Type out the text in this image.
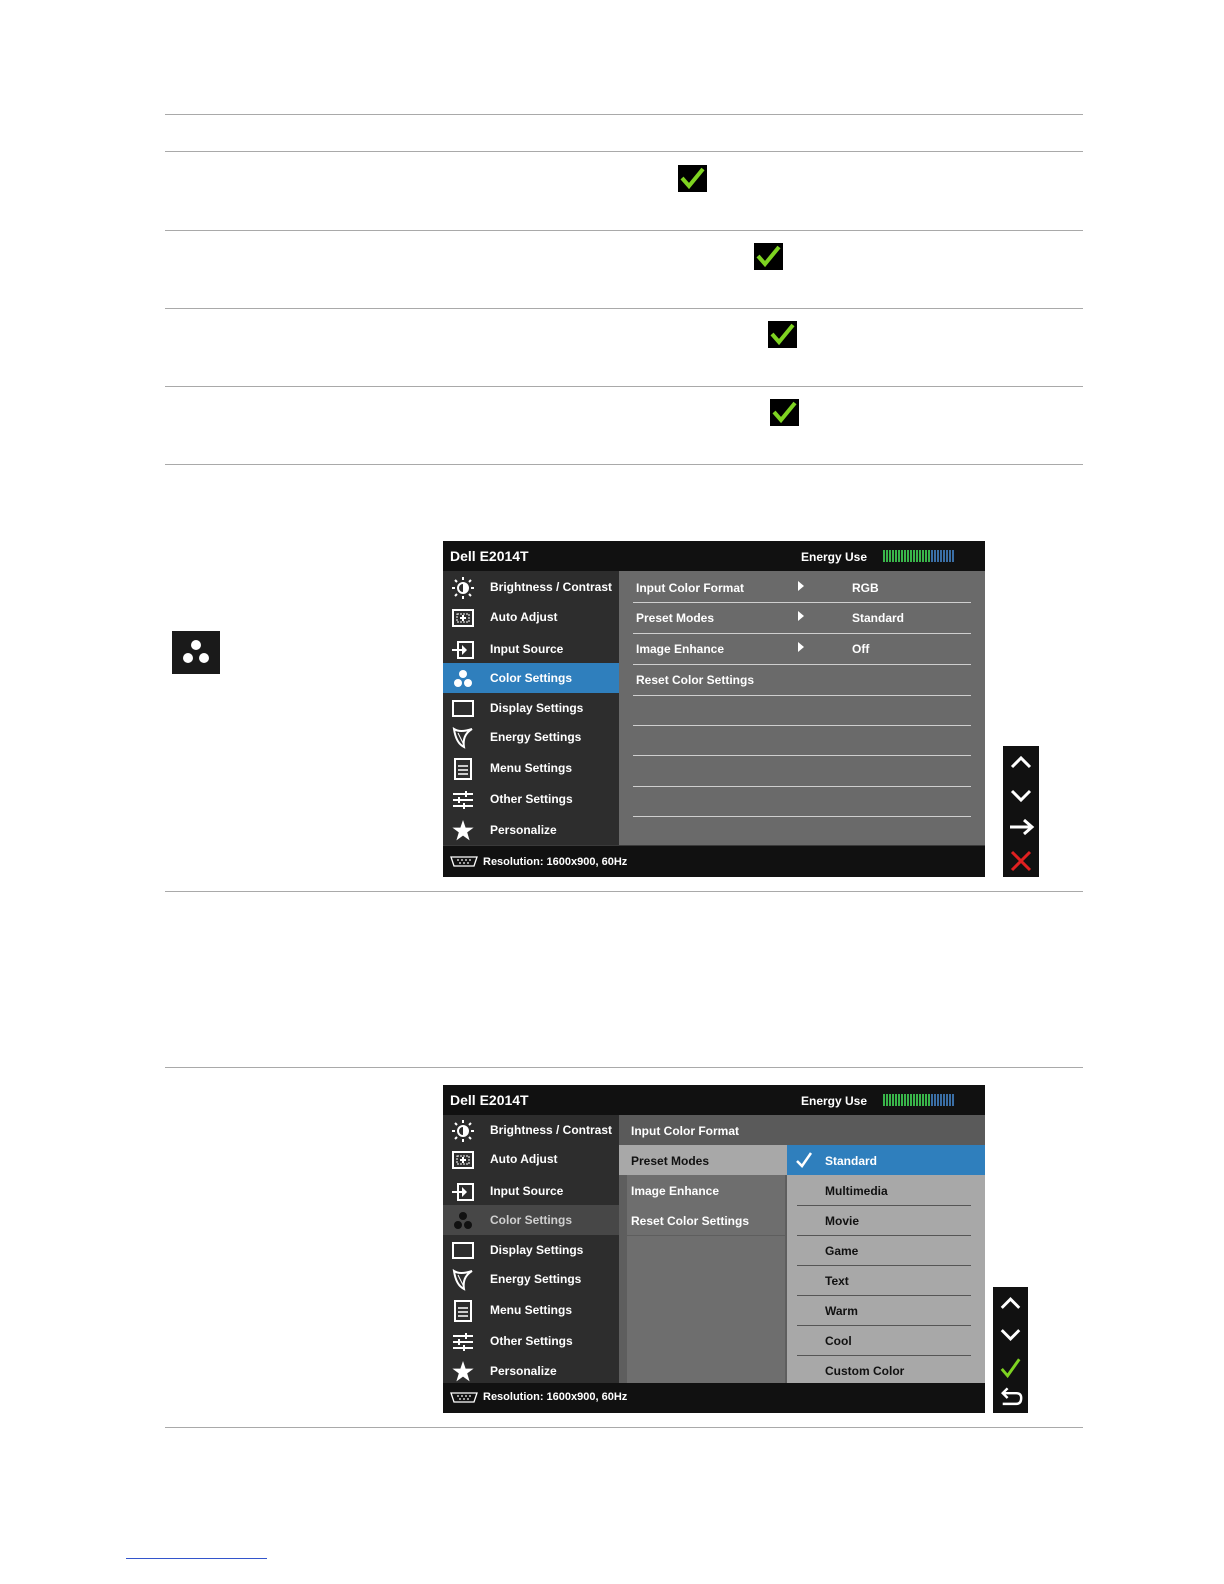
Dell E2014T	Energy Use
Brightness / Contrast
Auto Adjust
Input Source
Color Settings
Display Settings
Energy Settings
Menu Settings
Other Settings
Personalize
Input Color Format	RGB
Preset Modes	Standard
Image Enhance	Off
Reset Color Settings
Resolution: 1600x900, 60Hz
Dell E2014T	Energy Use
Brightness / Contrast
Auto Adjust
Input Source
Color Settings
Display Settings
Energy Settings
Menu Settings
Other Settings
Personalize
Input Color Format
Preset Modes
Image Enhance
Reset Color Settings
Standard
Multimedia
Movie
Game
Text
Warm
Cool
Custom Color
Resolution: 1600x900, 60Hz
